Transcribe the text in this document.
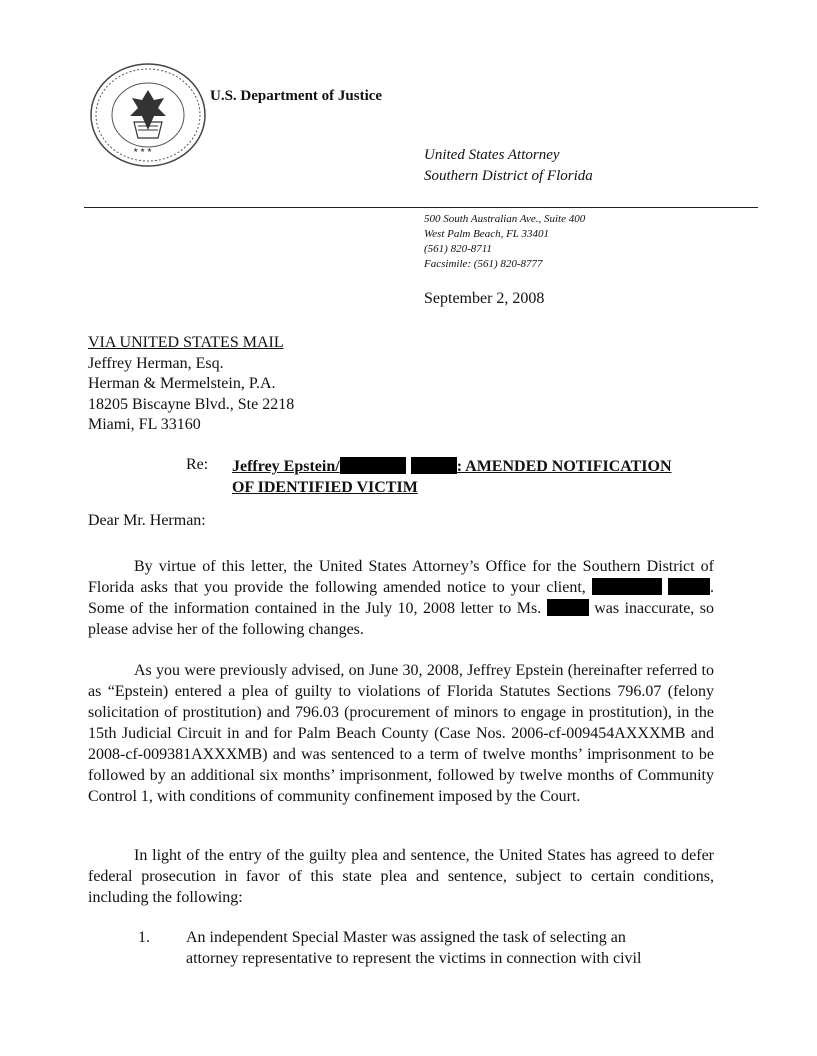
★ ★ ★
U.S. Department of Justice
United States Attorney
Southern District of Florida
500 South Australian Ave., Suite 400
West Palm Beach, FL 33401
(561) 820-8711
Facsimile: (561) 820-8777
September 2, 2008
VIA UNITED STATES MAIL
Jeffrey Herman, Esq.
Herman & Mermelstein, P.A.
18205 Biscayne Blvd., Ste 2218
Miami, FL 33160
Re: Jeffrey Epstein/	: AMENDED NOTIFICATION
OF IDENTIFIED VICTIM
Dear Mr. Herman:
By virtue of this letter, the United States Attorney’s Office for the Southern District of Florida asks that you provide the following amended notice to your client,	. Some of the information contained in the July 10, 2008 letter to Ms.	was inaccurate, so please advise her of the following changes.
As you were previously advised, on June 30, 2008, Jeffrey Epstein (hereinafter referred to as “Epstein) entered a plea of guilty to violations of Florida Statutes Sections 796.07 (felony solicitation of prostitution) and 796.03 (procurement of minors to engage in prostitution), in the 15th Judicial Circuit in and for Palm Beach County (Case Nos. 2006-cf-009454AXXXMB and 2008-cf-009381AXXXMB) and was sentenced to a term of twelve months’ imprisonment to be followed by an additional six months’ imprisonment, followed by twelve months of Community Control 1, with conditions of community confinement imposed by the Court.
In light of the entry of the guilty plea and sentence, the United States has agreed to defer federal prosecution in favor of this state plea and sentence, subject to certain conditions, including the following:
1. An independent Special Master was assigned the task of selecting an
attorney representative to represent the victims in connection with civil
